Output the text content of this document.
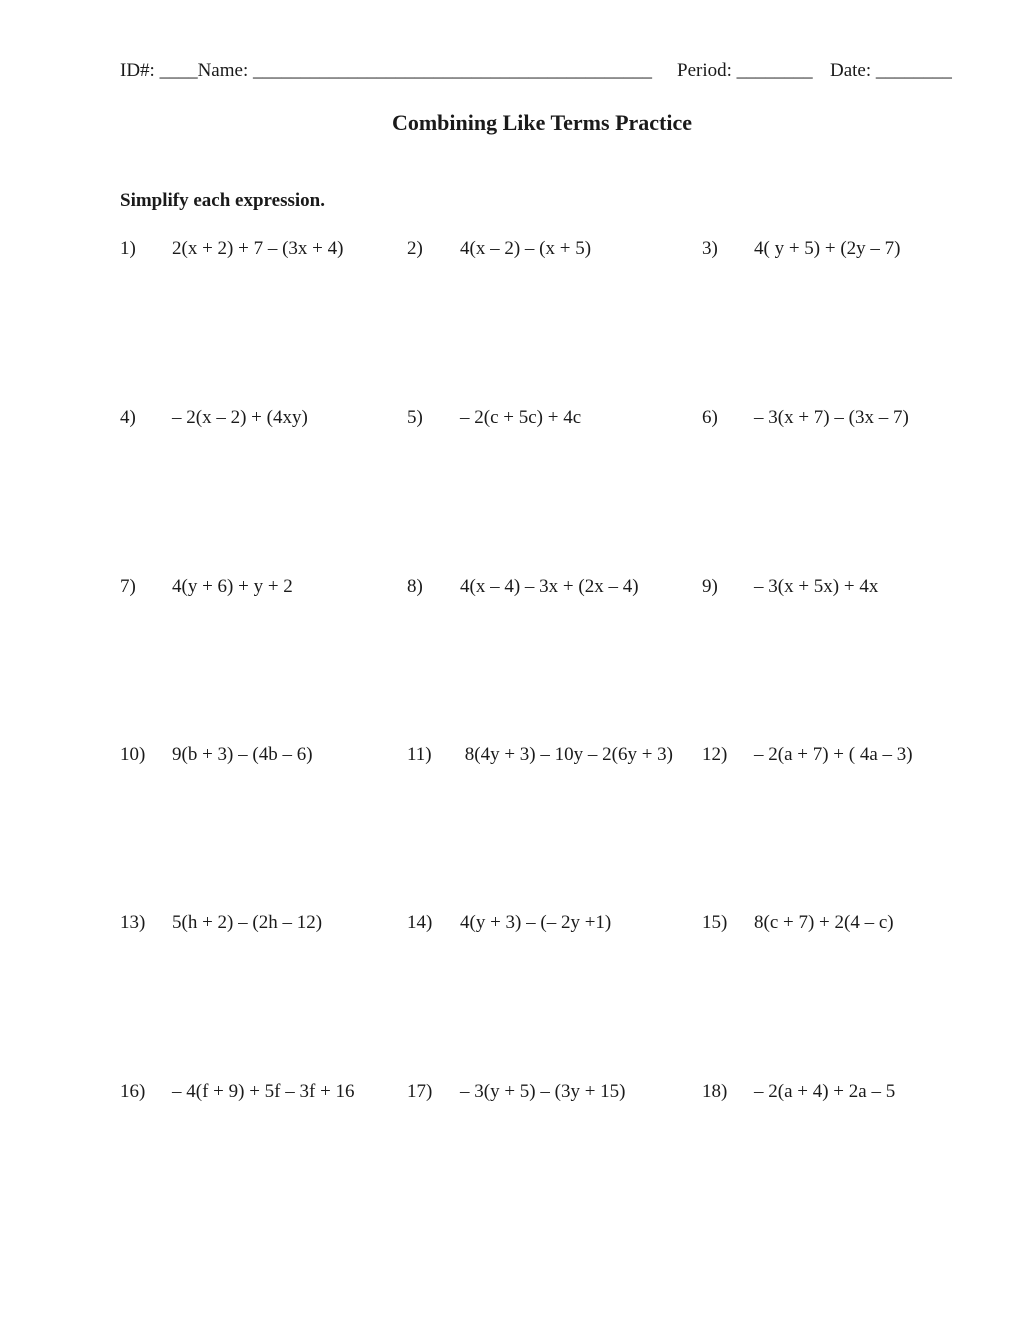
ID#: ____Name: __________________________________________ Period: ________ Date: ________
Combining Like Terms Practice
Simplify each expression.

1)

2(x + 2) + 7 – (3x + 4)

	2)

4(x – 2) – (x + 5)

	3)

4( y + 5) + (2y – 7)

4)

– 2(x – 2) + (4xy)

	5)

– 2(c + 5c) + 4c

	6)

– 3(x + 7) – (3x – 7)

7)

4(y + 6) + y + 2

	8)

4(x – 4) – 3x + (2x – 4)

	9)

– 3(x + 5x) + 4x

10)

9(b + 3) – (4b – 6)

	11)

8(4y + 3) – 10y – 2(6y + 3)

12)

– 2(a + 7) + ( 4a – 3)

13)

5(h + 2) – (2h – 12)

	14)

4(y + 3) – (– 2y +1)

	15)

8(c + 7) + 2(4 – c)

16)

– 4(f + 9) + 5f – 3f + 16

	17)

– 3(y + 5) – (3y + 15)

	18)

– 2(a + 4) + 2a – 5
